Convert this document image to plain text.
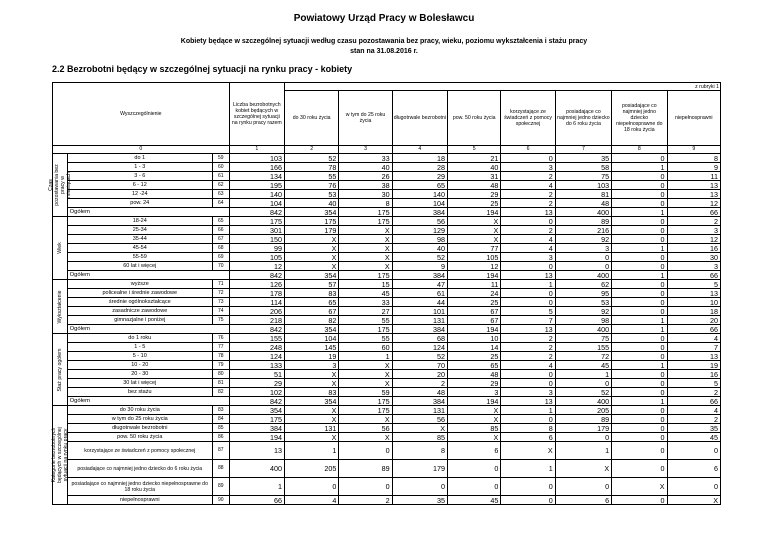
Powiatowy Urząd Pracy w Bolesławcu
Kobiety będące w szczególnej sytuacji według czasu pozostawania bez pracy, wieku, poziomu wykształcenia i stażu pracy
stan na 31.08.2016 r.
2.2 Bezrobotni będący w szczególnej sytuacji na rynku pracy - kobiety
Wyszczególnienie			Liczba bezrobotnych kobiet będących w szczególnej sytuacji na rynku pracy razem	z rubryki 1							
				do 30 roku życia	w tym do 25 roku życia	długotrwale bezrobotni	pow. 50 roku życia	korzystające ze świadczeń z pomocy społecznej	posiadające co najmniej jedno dziecko do 6 roku życia	posiadające co najmniej jedno dziecko niepełnosprawne do 18 roku życia	niepełnosprawni
0			1	2	3	4	5	6	7	8	9

Czas pozostawania bez pracy w miesiącach	do 1	59	103	52	33	18	21	0	35	0	8
	1 - 3	60	166	78	40	28	40	3	58	1	9
	3 - 6	61	134	55	26	29	31	2	75	0	11
	6 - 12	62	195	76	38	65	48	4	103	0	13
	12 -24	63	140	53	30	140	29	2	81	0	13
	pow. 24	64	104	40	8	104	25	2	48	0	12
	Ogółem		842	354	175	384	194	13	400	1	66

Wiek	18-24	65	175	175	175	56	X	0	89	0	2
	25-34	66	301	179	X	129	X	2	216	0	3
	35-44	67	150	X	X	98	X	4	92	0	12
	45-54	68	99	X	X	40	77	4	3	1	16
	55-59	69	105	X	X	52	105	3	0	0	30
	60 lat i więcej	70	12	X	X	9	12	0	0	0	3
	Ogółem		842	354	175	384	194	13	400	1	66

Wykształcenie	wyższe	71	126	57	15	47	11	1	62	0	5
	policealne i średnie zawodowe	72	178	83	45	61	24	0	95	0	13
	średnie ogólnokształcące	73	114	65	33	44	25	0	53	0	10
	zasadnicze zawodowe	74	206	67	27	101	67	5	92	0	18
	gimnazjalne i poniżej	75	218	82	55	131	67	7	98	1	20
	Ogółem		842	354	175	384	194	13	400	1	66

Staż pracy ogółem	do 1 roku	76	155	104	55	68	10	2	75	0	4
	1 - 5	77	248	145	60	124	14	2	155	0	7
	5 - 10	78	124	19	1	52	25	2	72	0	13
	10 - 20	79	133	3	X	70	65	4	45	1	19
	20 - 30	80	51	X	X	20	48	0	1	0	16
	30 lat i więcej	81	29	X	X	2	29	0	0	0	5
	bez stażu	82	102	83	59	48	3	3	52	0	2
	Ogółem		842	354	175	384	194	13	400	1	66

Kategorie bezrobotnych będących w szczególnej sytuacji na rynku pracy	do 30 roku życia	83	354	X	175	131	X	1	205	0	4
	w tym do 25 roku życia	84	175	X	X	56	X	0	89	0	2
	długotrwale bezrobotni	85	384	131	56	X	85	8	179	0	35
	pow. 50 roku życia	86	194	X	X	85	X	6	0	0	45
	korzystające ze świadczeń z pomocy społecznej	87	13	1	0	8	6	X	1	0	0
	posiadające co najmniej jedno dziecko do 6 roku życia	88	400	205	89	179	0	1	X	0	6
	posiadające co najmniej jedno dziecko niepełnosprawne do 18 roku życia	89	1	0	0	0	0	0	0	X	0
	niepełnosprawni	90	66	4	2	35	45	0	6	0	X
